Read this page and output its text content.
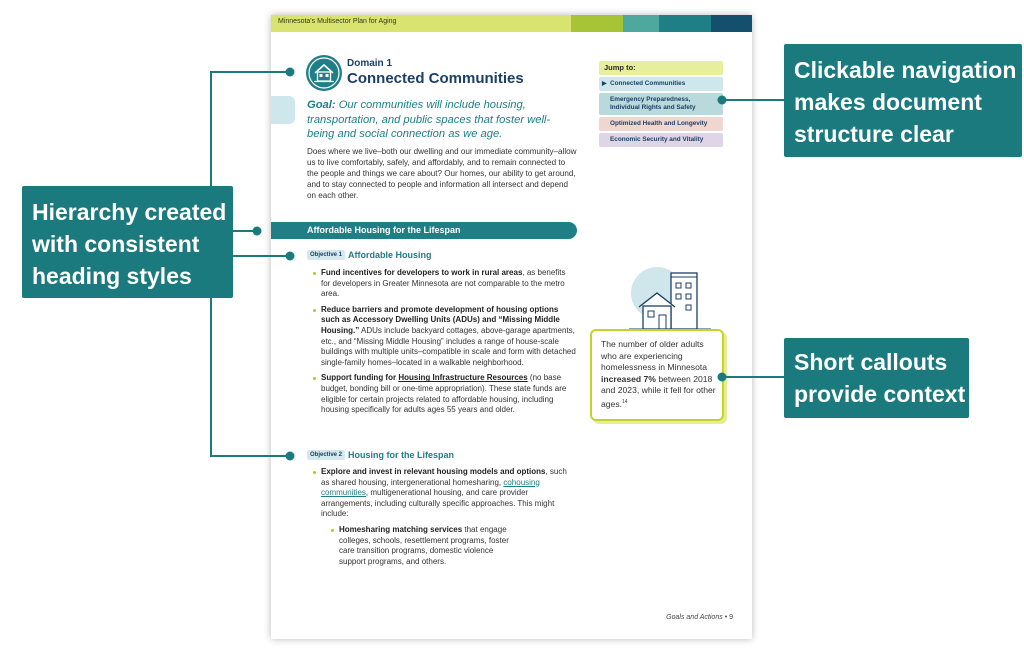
Minnesota's Multisector Plan for Aging
Domain 1
Connected Communities
Goal: Our communities will include housing, transportation, and public spaces that foster well-being and social connection as we age.
Does where we live–both our dwelling and our immediate community–allow us to live comfortably, safely, and affordably, and to remain connected to the people and things we care about? Our homes, our ability to get around, and to stay connected to people and information all intersect and depend on each other.
Affordable Housing for the Lifespan
Objective 1 Affordable Housing
Fund incentives for developers to work in rural areas, as benefits for developers in Greater Minnesota are not comparable to the metro area.
Reduce barriers and promote development of housing options such as Accessory Dwelling Units (ADUs) and “Missing Middle Housing.” ADUs include backyard cottages, above-garage apartments, etc., and “Missing Middle Housing” includes a range of house-scale buildings with multiple units–compatible in scale and form with detached single-family homes–located in a walkable neighborhood.
Support funding for Housing Infrastructure Resources (no base budget, bonding bill or one-time appropriation). These state funds are eligible for certain projects related to affordable housing, including housing specifically for adults ages 55 years and older.
Objective 2 Housing for the Lifespan
Explore and invest in relevant housing models and options, such as shared housing, intergenerational homesharing, cohousing communities, multigenerational housing, and care provider arrangements, including culturally specific approaches. This might include:
Homesharing matching services that engage colleges, schools, resettlement programs, foster care transition programs, domestic violence support programs, and others.
Jump to:
▶ Connected Communities
Emergency Preparedness, Individual Rights and Safety
Optimized Health and Longevity
Economic Security and Vitality

The number of older adults who are experiencing homelessness in Minnesota increased 7% between 2018 and 2023, while it fell for other ages.$^{14}$

Goals and Actions • 9
Hierarchy created
with consistent
heading styles
Clickable navigation
makes document
structure clear
Short callouts
provide context
